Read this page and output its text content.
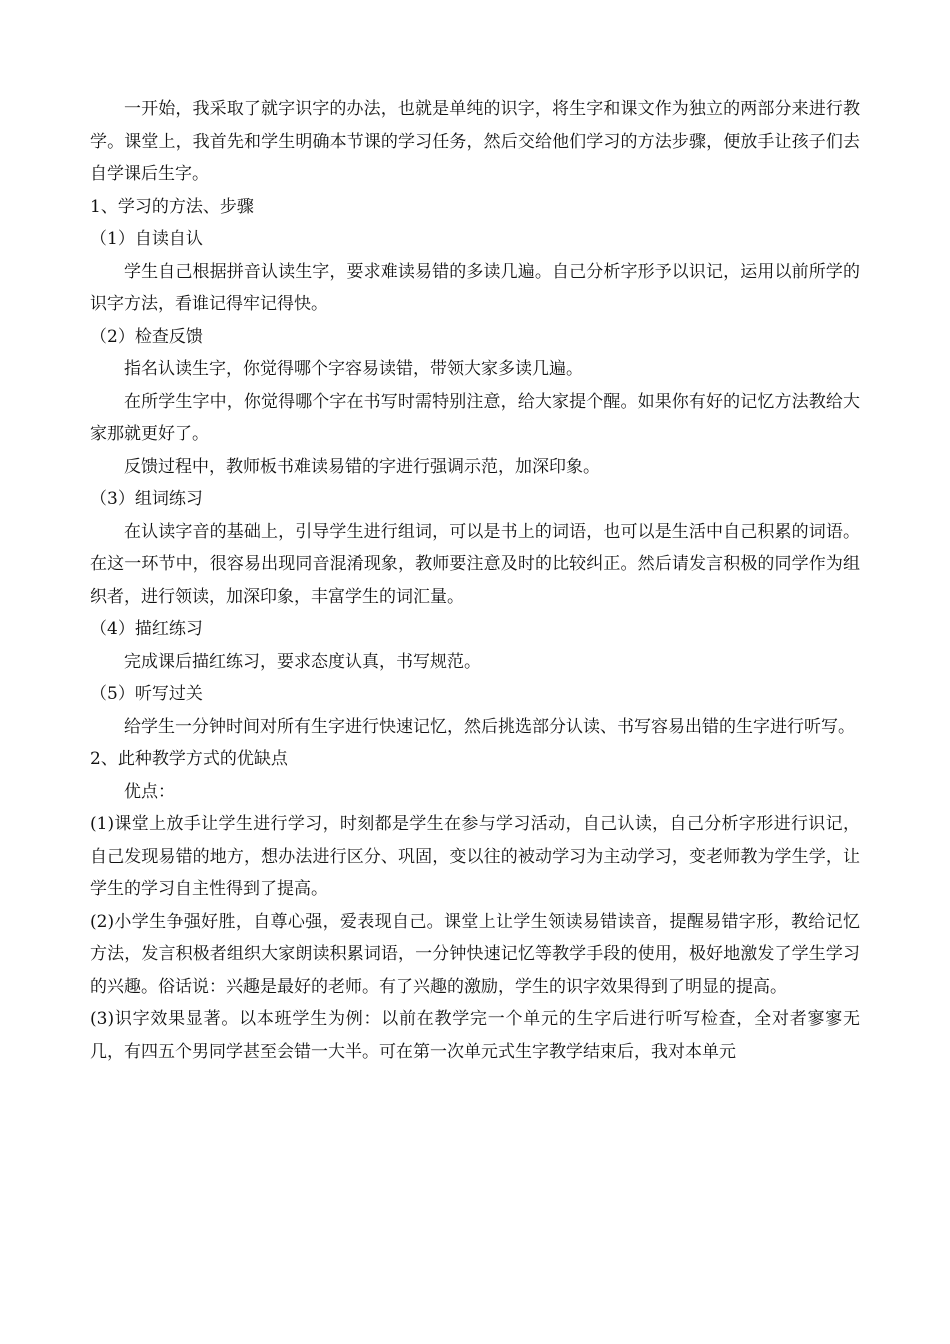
一开始，我采取了就字识字的办法，也就是单纯的识字，将生字和课文作为独立的两部分来进行教学。课堂上，我首先和学生明确本节课的学习任务，然后交给他们学习的方法步骤，便放手让孩子们去自学课后生字。

1、学习的方法、步骤

（1）自读自认

学生自己根据拼音认读生字，要求难读易错的多读几遍。自己分析字形予以识记，运用以前所学的识字方法，看谁记得牢记得快。

（2）检查反馈

指名认读生字，你觉得哪个字容易读错，带领大家多读几遍。

在所学生字中，你觉得哪个字在书写时需特别注意，给大家提个醒。如果你有好的记忆方法教给大家那就更好了。

反馈过程中，教师板书难读易错的字进行强调示范，加深印象。

（3）组词练习

在认读字音的基础上，引导学生进行组词，可以是书上的词语，也可以是生活中自己积累的词语。在这一环节中，很容易出现同音混淆现象，教师要注意及时的比较纠正。然后请发言积极的同学作为组织者，进行领读，加深印象，丰富学生的词汇量。

（4）描红练习

完成课后描红练习，要求态度认真，书写规范。

（5）听写过关

给学生一分钟时间对所有生字进行快速记忆，然后挑选部分认读、书写容易出错的生字进行听写。

2、此种教学方式的优缺点

优点：

(1)课堂上放手让学生进行学习，时刻都是学生在参与学习活动，自己认读，自己分析字形进行识记，自己发现易错的地方，想办法进行区分、巩固，变以往的被动学习为主动学习，变老师教为学生学，让学生的学习自主性得到了提高。

(2)小学生争强好胜，自尊心强，爱表现自己。课堂上让学生领读易错读音，提醒易错字形，教给记忆方法，发言积极者组织大家朗读积累词语，一分钟快速记忆等教学手段的使用，极好地激发了学生学习的兴趣。俗话说：兴趣是最好的老师。有了兴趣的激励，学生的识字效果得到了明显的提高。

(3)识字效果显著。以本班学生为例：以前在教学完一个单元的生字后进行听写检查，全对者寥寥无几，有四五个男同学甚至会错一大半。可在第一次单元式生字教学结束后，我对本单元
